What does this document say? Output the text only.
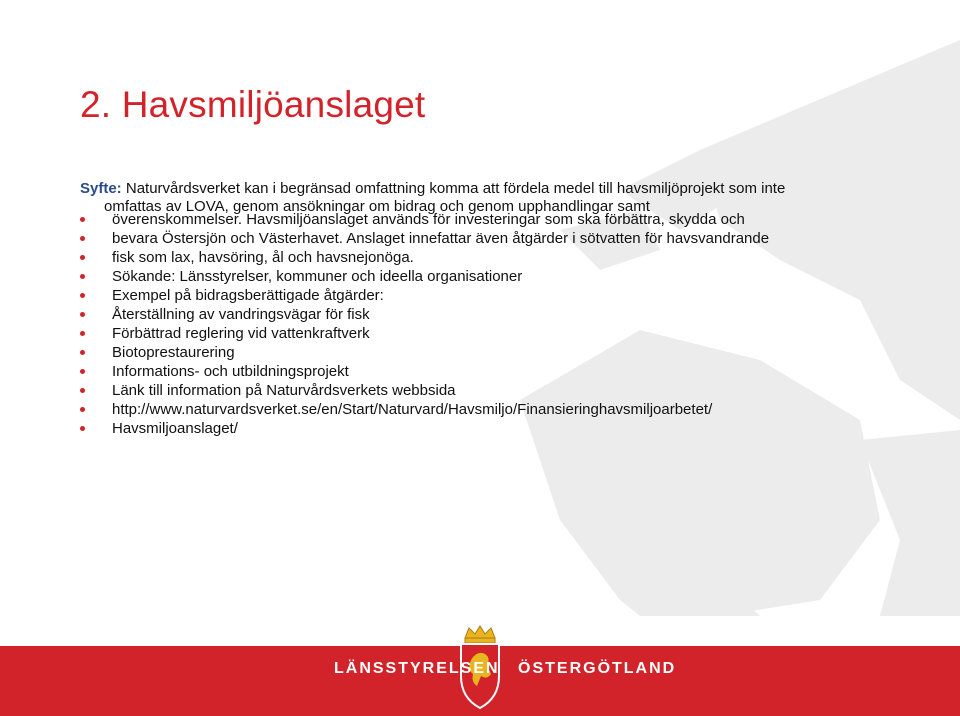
2. Havsmiljöanslaget
Syfte: Naturvårdsverket kan i begränsad omfattning komma att fördela medel till havsmiljöprojekt som inte
omfattas av LOVA, genom ansökningar om bidrag och genom upphandlingar samt
överenskommelser. Havsmiljöanslaget används för investeringar som ska förbättra, skydda och
bevara Östersjön och Västerhavet. Anslaget innefattar även åtgärder i sötvatten för havsvandrande
fisk som lax, havsöring, ål och havsnejonöga.
Sökande: Länsstyrelser, kommuner och ideella organisationer
Exempel på bidragsberättigade åtgärder:
Återställning av vandringsvägar för fisk
Förbättrad reglering vid vattenkraftverk
Biotoprestaurering
Informations- och utbildningsprojekt
Länk till information på Naturvårdsverkets webbsida
http://www.naturvardsverket.se/en/Start/Naturvard/Havsmiljo/Finansieringhavsmiljoarbetet/
Havsmiljoanslaget/
LÄNSSTYRELSEN ÖSTERGÖTLAND
